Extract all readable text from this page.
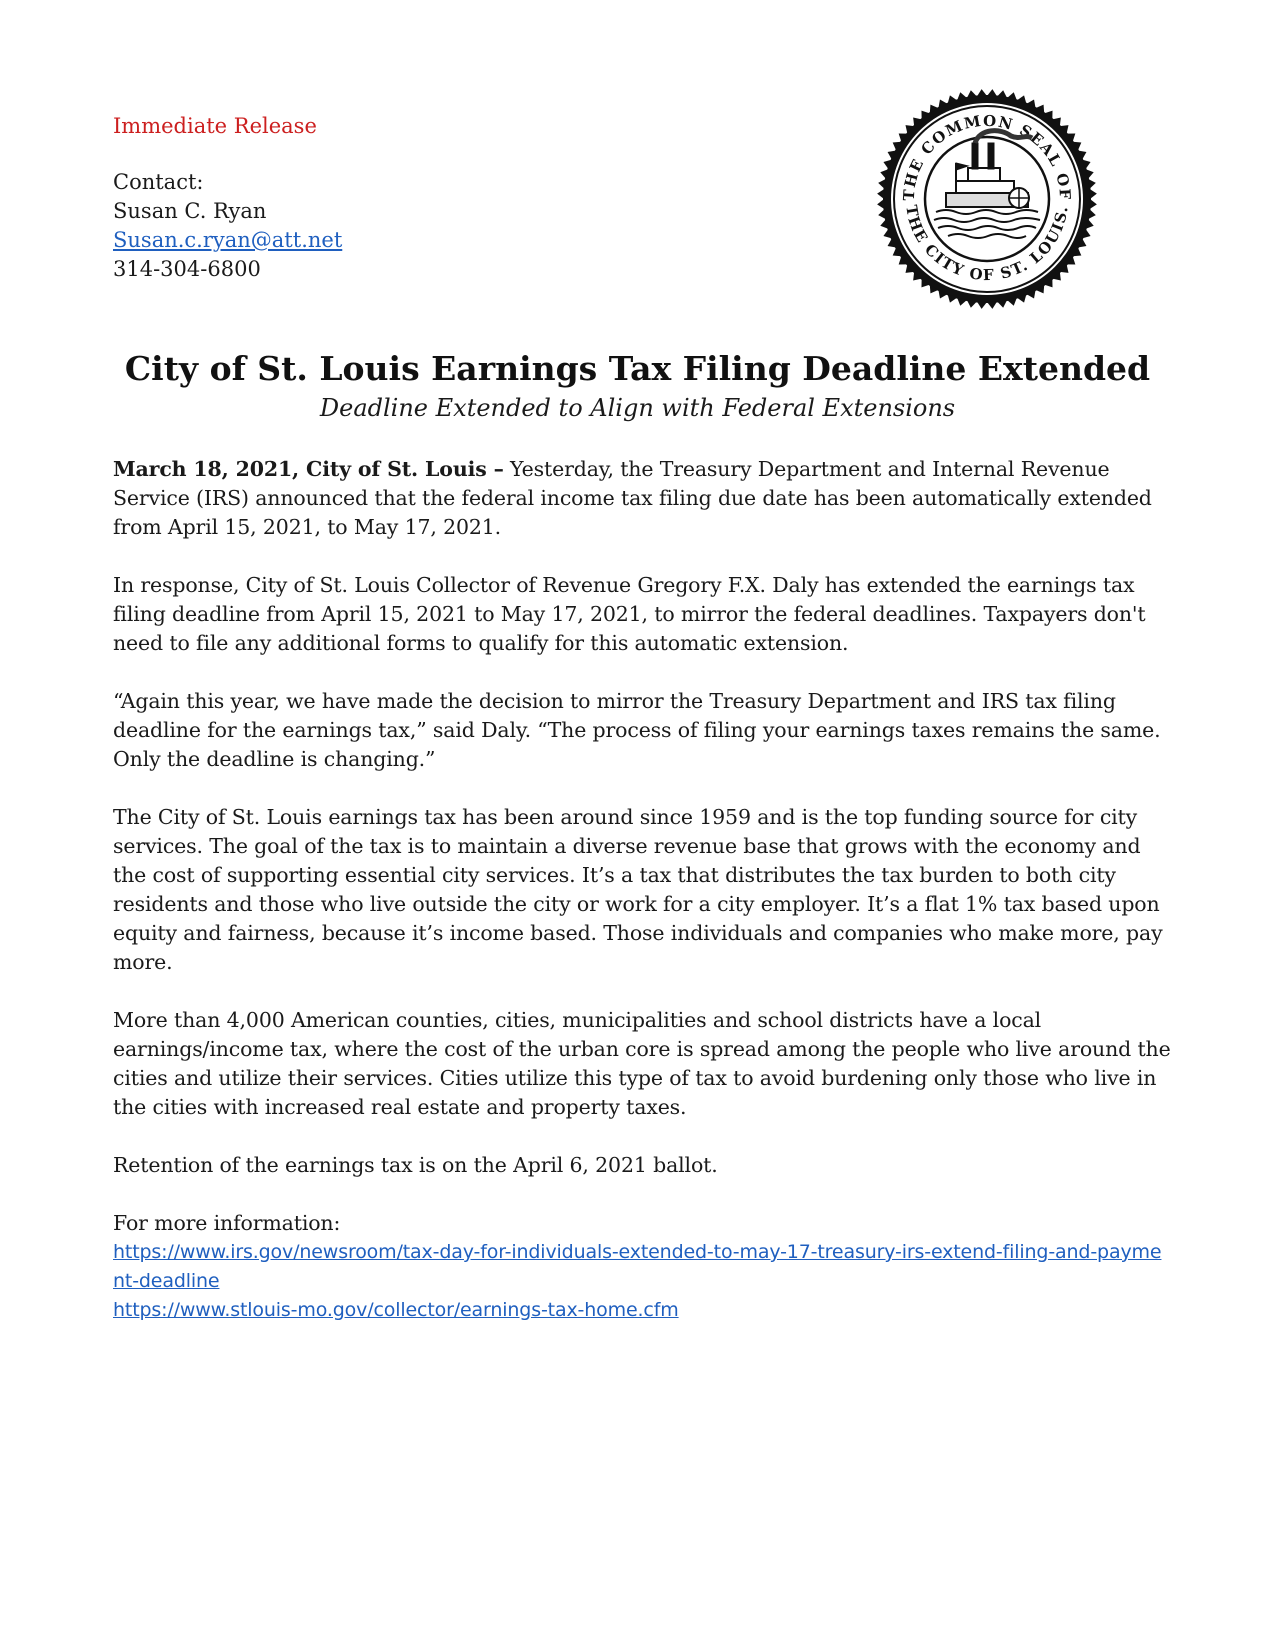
Immediate Release

Contact:

Susan C. Ryan

Susan.c.ryan@att.net

314-304-6800

THE COMMON SEAL OF
THE CITY OF ST. LOUIS.
City of St. Louis Earnings Tax Filing Deadline Extended

Deadline Extended to Align with Federal Extensions

March 18, 2021, City of St. Louis – Yesterday, the Treasury Department and Internal Revenue Service (IRS) announced that the federal income tax filing due date has been automatically extended from April 15, 2021, to May 17, 2021.

In response, City of St. Louis Collector of Revenue Gregory F.X. Daly has extended the earnings tax filing deadline from April 15, 2021 to May 17, 2021, to mirror the federal deadlines. Taxpayers don't need to file any additional forms to qualify for this automatic extension.

“Again this year, we have made the decision to mirror the Treasury Department and IRS tax filing deadline for the earnings tax,” said Daly. “The process of filing your earnings taxes remains the same. Only the deadline is changing.”

The City of St. Louis earnings tax has been around since 1959 and is the top funding source for city services. The goal of the tax is to maintain a diverse revenue base that grows with the economy and the cost of supporting essential city services. It’s a tax that distributes the tax burden to both city residents and those who live outside the city or work for a city employer. It’s a flat 1% tax based upon equity and fairness, because it’s income based. Those individuals and companies who make more, pay more.

More than 4,000 American counties, cities, municipalities and school districts have a local earnings/income tax, where the cost of the urban core is spread among the people who live around the cities and utilize their services. Cities utilize this type of tax to avoid burdening only those who live in the cities with increased real estate and property taxes.

Retention of the earnings tax is on the April 6, 2021 ballot.

For more information:
https://www.irs.gov/newsroom/tax-day-for-individuals-extended-to-may-17-treasury-irs-extend-filing-and-payment-deadline
https://www.stlouis-mo.gov/collector/earnings-tax-home.cfm
